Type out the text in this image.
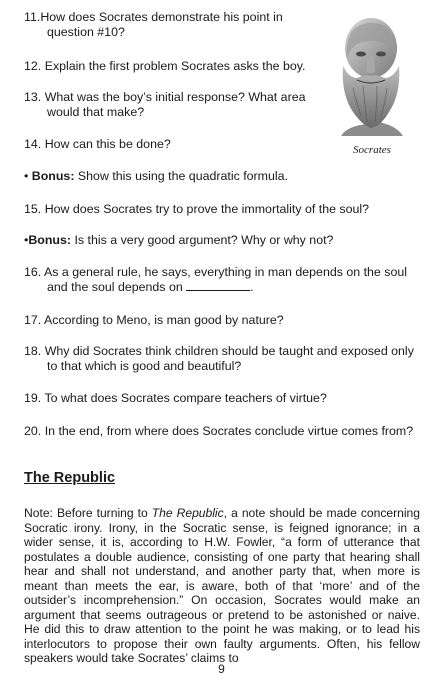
11.How does Socrates demonstrate his point in
question #10?
12. Explain the first problem Socrates asks the boy.
13. What was the boy’s initial response? What area
would that make?
14. How can this be done?
• Bonus: Show this using the quadratic formula.
15. How does Socrates try to prove the immortality of the soul?
•Bonus: Is this a very good argument? Why or why not?
16. As a general rule, he says, everything in man depends on the soul
and the soul depends on	.
17. According to Meno, is man good by nature?
18. Why did Socrates think children should be taught and exposed only
to that which is good and beautiful?
19. To what does Socrates compare teachers of virtue?
20. In the end, from where does Socrates conclude virtue comes from?
Socrates
The Republic
Note: Before turning to The Republic, a note should be made concerning Socratic irony. Irony, in the Socratic sense, is feigned ignorance; in a wider sense, it is, according to H.W. Fowler, “a form of utterance that postulates a double audience, consisting of one party that hearing shall hear and shall not understand, and another party that, when more is meant than meets the ear, is aware, both of that ‘more’ and of the outsider’s incomprehension.” On occasion, Socrates would make an argument that seems outrageous or pretend to be astonished or naive. He did this to draw attention to the point he was making, or to lead his interlocutors to propose their own faulty arguments. Often, his fellow speakers would take Socrates’ claims to
9
